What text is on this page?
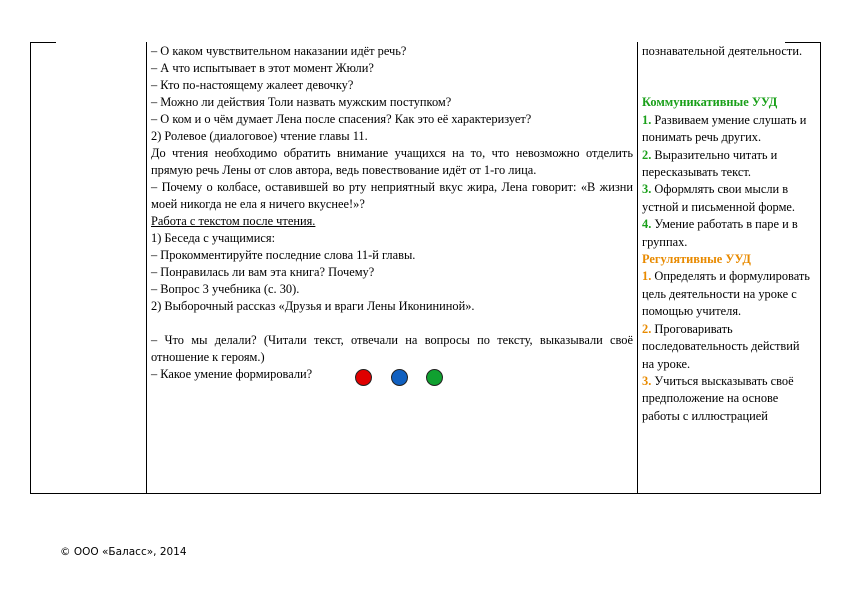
– О каком чувствительном наказании идёт речь?

– А что испытывает в этот момент Жюли?

– Кто по-настоящему жалеет девочку?

– Можно ли действия Толи назвать мужским поступком?

– О ком и о чём думает Лена после спасения? Как это её характеризует?

2) Ролевое (диалоговое) чтение главы 11.

До чтения необходимо обратить внимание учащихся на то, что невозможно отделить прямую речь Лены от слов автора, ведь повествование идёт от 1-го лица.

– Почему о колбасе, оставившей во рту неприятный вкус жира, Лена говорит: «В жизни моей никогда не ела я ничего вкуснее!»?

Работа с текстом после чтения.

1) Беседа с учащимися:

– Прокомментируйте последние слова 11-й главы.

– Понравилась ли вам эта книга? Почему?

– Вопрос 3 учебника (с. 30).

2) Выборочный рассказ «Друзья и враги Лены Иконининой».

– Что мы делали? (Читали текст, отвечали на вопросы по тексту, выказывали своё отношение к героям.)

– Какое умение формировали?

познавательной деятельности.

Коммуникативные УУД

1. Развиваем умение слушать и понимать речь других.

2. Выразительно читать и пересказывать текст.

3. Оформлять свои мысли в устной и письменной форме.

4. Умение работать в паре и в группах.

Регулятивные УУД

1. Определять и формулировать цель деятельности на уроке с помощью учителя.

2. Проговаривать последовательность действий на уроке.

3. Учиться высказывать своё предположение на основе работы с иллюстрацией

© ООО «Баласс», 2014
